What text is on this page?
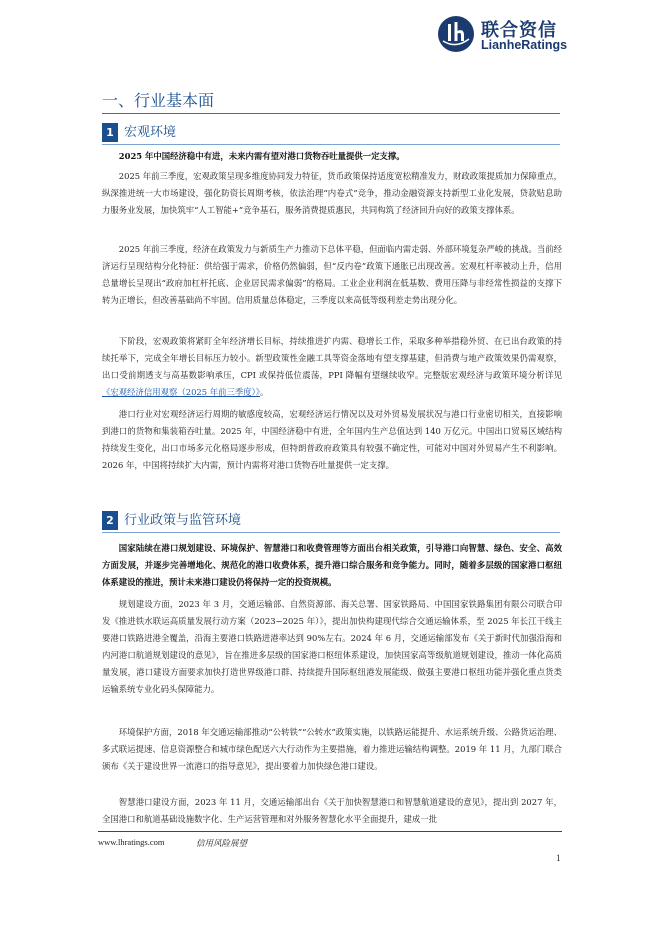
联合资信
LianheRatings
一、行业基本面
1 宏观环境

2025 年中国经济稳中有进，未来内需有望对港口货物吞吐量提供一定支撑。

2025 年前三季度，宏观政策呈现多维度协同发力特征，货币政策保持适度宽松精准发力，财政政策提质加力保障重点，纵深推进统一大市场建设，强化防资长周期考核，依法治理“内卷式”竞争，推动金融资源支持新型工业化发展，贷款贴息助力服务业发展，加快筑牢“人工智能+”竞争基石，服务消费提质惠民，共同构筑了经济回升向好的政策支撑体系。

2025 年前三季度，经济在政策发力与新质生产力推动下总体平稳，但面临内需走弱、外部环境复杂严峻的挑战。当前经济运行呈现结构分化特征：供给强于需求，价格仍然偏弱，但“反内卷”政策下通胀已出现改善。宏观杠杆率被动上升，信用总量增长呈现出“政府加杠杆托底、企业居民需求偏弱”的格局。工业企业利润在低基数、费用压降与非经常性损益的支撑下转为正增长，但改善基础尚不牢固。信用质量总体稳定，三季度以来高低等级利差走势出现分化。

下阶段，宏观政策将紧盯全年经济增长目标，持续推进扩内需、稳增长工作，采取多种举措稳外贸、在已出台政策的持续托举下，完成全年增长目标压力较小。新型政策性金融工具等资金落地有望支撑基建，但消费与地产政策效果仍需观察，出口受前期透支与高基数影响承压，CPI 或保持低位震荡，PPI 降幅有望继续收窄。完整版宏观经济与政策环境分析详见《宏观经济信用观察（2025 年前三季度）》。

港口行业对宏观经济运行周期的敏感度较高，宏观经济运行情况以及对外贸易发展状况与港口行业密切相关，直接影响到港口的货物和集装箱吞吐量。2025 年，中国经济稳中有进，全年国内生产总值达到 140 万亿元。中国出口贸易区域结构持续发生变化，出口市场多元化格局逐步形成，但特朗普政府政策具有较强不确定性，可能对中国对外贸易产生不利影响。2026 年，中国将持续扩大内需，预计内需将对港口货物吞吐量提供一定支撑。

2 行业政策与监管环境

国家陆续在港口规划建设、环境保护、智慧港口和收费管理等方面出台相关政策，引导港口向智慧、绿色、安全、高效方面发展，并逐步完善增地化、规范化的港口收费体系，提升港口综合服务和竞争能力。同时，随着多层级的国家港口枢纽体系建设的推进，预计未来港口建设仍将保持一定的投资规模。

规划建设方面，2023 年 3 月，交通运输部、自然资源部、海关总署、国家铁路局、中国国家铁路集团有限公司联合印发《推进铁水联运高质量发展行动方案（2023−2025 年）》，提出加快构建现代综合交通运输体系，至 2025 年长江干线主要港口铁路进港全覆盖，沿海主要港口铁路进港率达到 90%左右。2024 年 6 月，交通运输部发布《关于新时代加强沿海和内河港口航道规划建设的意见》，旨在推进多层级的国家港口枢纽体系建设，加快国家高等级航道规划建设，推动一体化高质量发展，港口建设方面要求加快打造世界级港口群、持续提升国际枢纽港发展能级、做强主要港口枢纽功能并强化重点货类运输系统专业化码头保障能力。

环境保护方面，2018 年交通运输部推动“公转铁”“公转水”政策实施，以铁路运能提升、水运系统升级、公路货运治理、多式联运提速、信息资源整合和城市绿色配送六大行动作为主要措施，着力推进运输结构调整。2019 年 11 月，九部门联合颁布《关于建设世界一流港口的指导意见》，提出要着力加快绿色港口建设。

智慧港口建设方面，2023 年 11 月，交通运输部出台《关于加快智慧港口和智慧航道建设的意见》，提出到 2027 年，全国港口和航道基础设施数字化、生产运营管理和对外服务智慧化水平全面提升，建成一批

www.lhratings.com	信用风险展望
1
